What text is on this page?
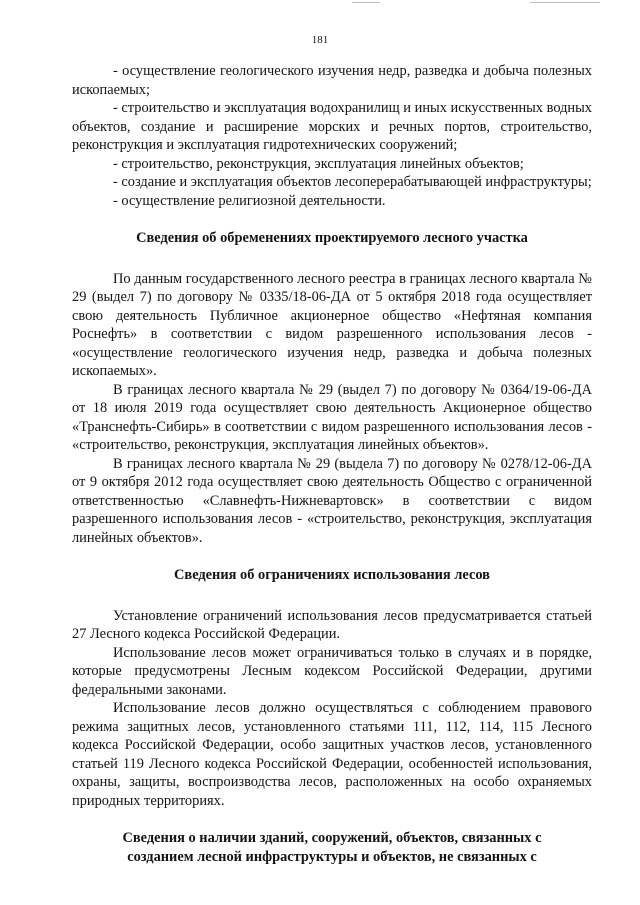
181

- осуществление геологического изучения недр, разведка и добыча полезных ископаемых;

- строительство и эксплуатация водохранилищ и иных искусственных водных объектов, создание и расширение морских и речных портов, строительство, реконструкция и эксплуатация гидротехнических сооружений;

- строительство, реконструкция, эксплуатация линейных объектов;

- создание и эксплуатация объектов лесоперерабатывающей инфраструктуры;

- осуществление религиозной деятельности.

Сведения об обременениях проектируемого лесного участка

По данным государственного лесного реестра в границах лесного квартала № 29 (выдел 7) по договору № 0335/18-06-ДА от 5 октября 2018 года осуществляет свою деятельность Публичное акционерное общество «Нефтяная компания Роснефть» в соответствии с видом разрешенного использования лесов - «осуществление геологического изучения недр, разведка и добыча полезных ископаемых».

В границах лесного квартала № 29 (выдел 7) по договору № 0364/19-06-ДА от 18 июля 2019 года осуществляет свою деятельность Акционерное общество «Транснефть-Сибирь» в соответствии с видом разрешенного использования лесов - «строительство, реконструкция, эксплуатация линейных объектов».

В границах лесного квартала № 29 (выдела 7) по договору № 0278/12-06-ДА от 9 октября 2012 года осуществляет свою деятельность Общество с ограниченной ответственностью «Славнефть-Нижневартовск» в соответствии с видом разрешенного использования лесов - «строительство, реконструкция, эксплуатация линейных объектов».

Сведения об ограничениях использования лесов

Установление ограничений использования лесов предусматривается статьей 27 Лесного кодекса Российской Федерации.

Использование лесов может ограничиваться только в случаях и в порядке, которые предусмотрены Лесным кодексом Российской Федерации, другими федеральными законами.

Использование лесов должно осуществляться с соблюдением правового режима защитных лесов, установленного статьями 111, 112, 114, 115 Лесного кодекса Российской Федерации, особо защитных участков лесов, установленного статьей 119 Лесного кодекса Российской Федерации, особенностей использования, охраны, защиты, воспроизводства лесов, расположенных на особо охраняемых природных территориях.

Сведения о наличии зданий, сооружений, объектов, связанных с
созданием лесной инфраструктуры и объектов, не связанных с
